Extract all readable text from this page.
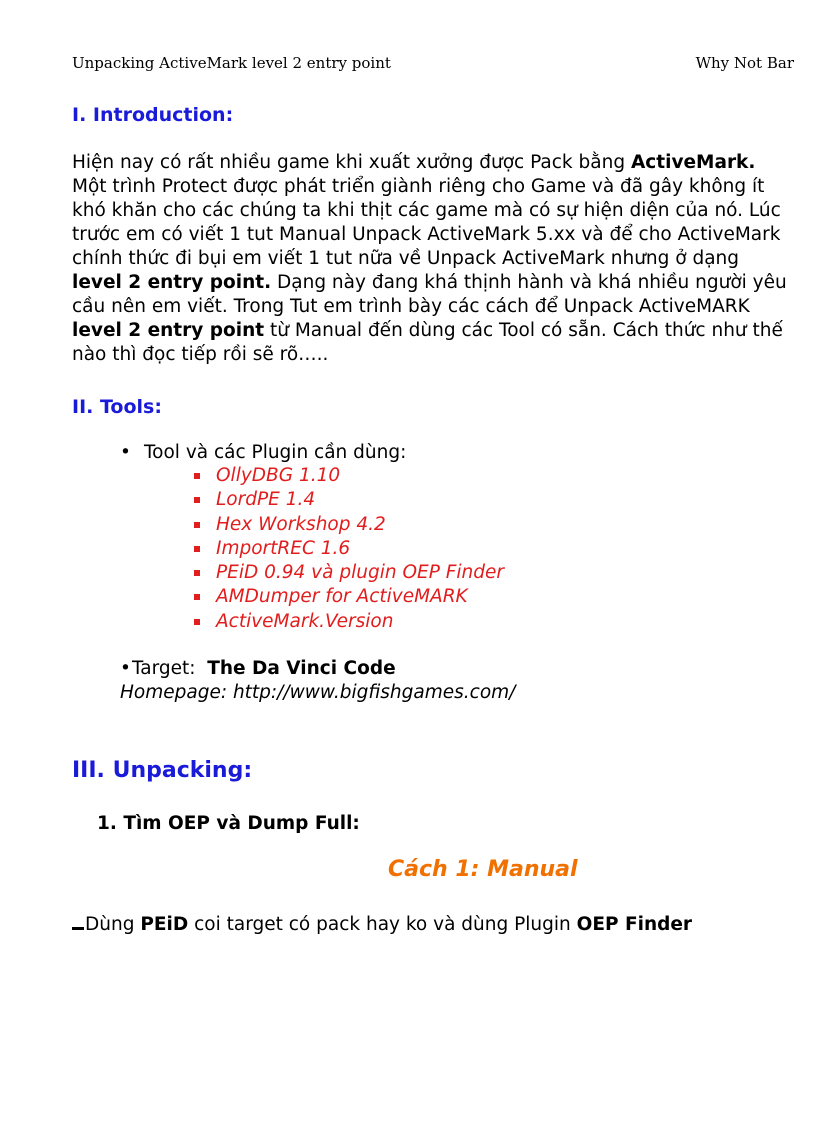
Unpacking ActiveMark level 2 entry point	Why Not Bar
I. Introduction:
Hiện nay có rất nhiều game khi xuất xưởng được Pack bằng ActiveMark.
Một trình Protect được phát triển giành riêng cho Game và đã gây không ít
khó khăn cho các chúng ta khi thịt các game mà có sự hiện diện của nó. Lúc
trước em có viết 1 tut Manual Unpack ActiveMark 5.xx và để cho ActiveMark
chính thức đi bụi em viết 1 tut nữa về Unpack ActiveMark nhưng ở dạng
level 2 entry point. Dạng này đang khá thịnh hành và khá nhiều người yêu
cầu nên em viết. Trong Tut em trình bày các cách để Unpack ActiveMARK
level 2 entry point từ Manual đến dùng các Tool có sẵn. Cách thức như thế
nào thì đọc tiếp rồi sẽ rõ…..
II. Tools:
• Tool và các Plugin cần dùng:
OllyDBG 1.10
LordPE 1.4
Hex Workshop 4.2
ImportREC 1.6
PEiD 0.94 và plugin OEP Finder
AMDumper for ActiveMARK
ActiveMark.Version
•Target:  The Da Vinci Code
Homepage: http://www.bigfishgames.com/
III. Unpacking:
1. Tìm OEP và Dump Full:
Cách 1: Manual
Dùng PEiD coi target có pack hay ko và dùng Plugin OEP Finder
